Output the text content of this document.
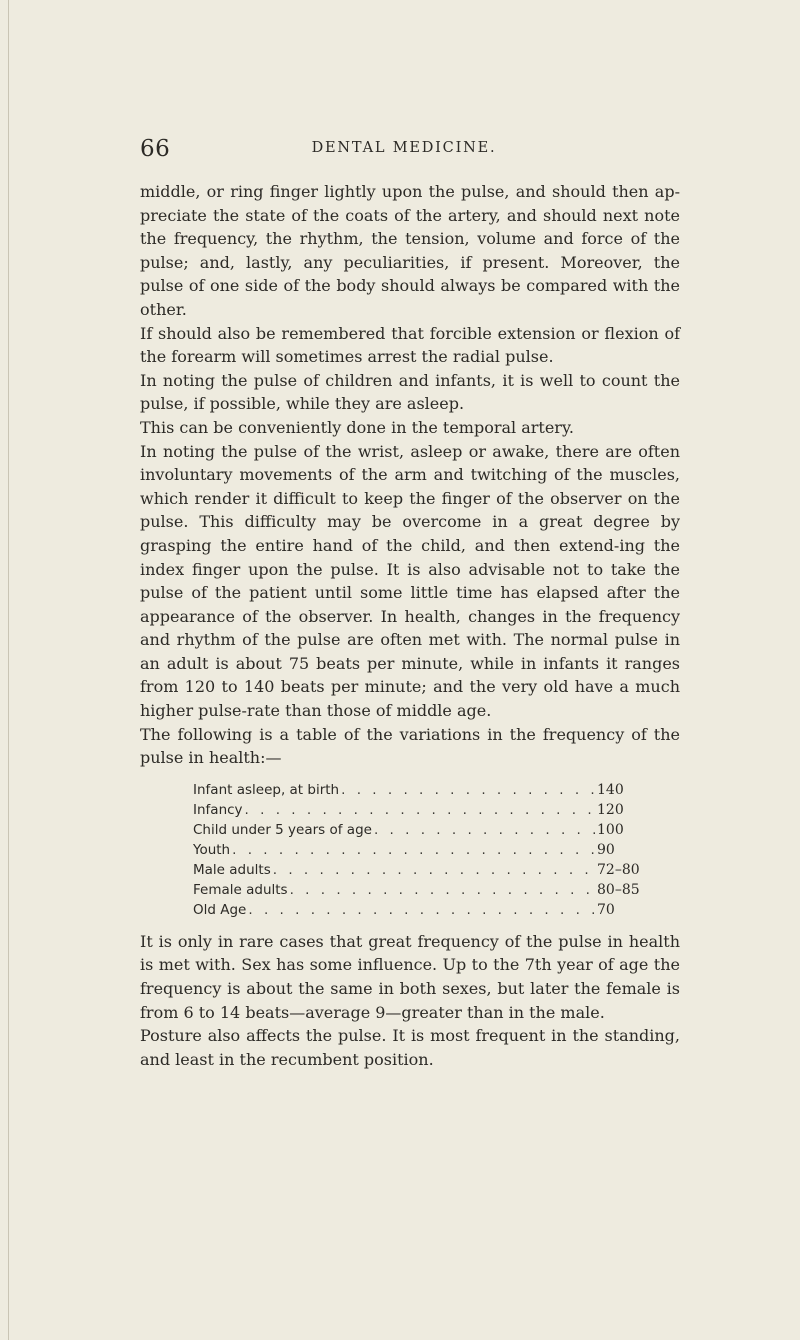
66	DENTAL MEDICINE.

middle, or ring finger lightly upon the pulse, and should then ap-preciate the state of the coats of the artery, and should next note the frequency, the rhythm, the tension, volume and force of the pulse; and, lastly, any peculiarities, if present. Moreover, the pulse of one side of the body should always be compared with the other.

If should also be remembered that forcible extension or flexion of the forearm will sometimes arrest the radial pulse.

In noting the pulse of children and infants, it is well to count the pulse, if possible, while they are asleep.

This can be conveniently done in the temporal artery.

In noting the pulse of the wrist, asleep or awake, there are often involuntary movements of the arm and twitching of the muscles, which render it difficult to keep the finger of the observer on the pulse. This difficulty may be overcome in a great degree by grasping the entire hand of the child, and then extend-ing the index finger upon the pulse. It is also advisable not to take the pulse of the patient until some little time has elapsed after the appearance of the observer. In health, changes in the frequency and rhythm of the pulse are often met with. The normal pulse in an adult is about 75 beats per minute, while in infants it ranges from 120 to 140 beats per minute; and the very old have a much higher pulse-rate than those of middle age.

The following is a table of the variations in the frequency of the pulse in health:—

Infant asleep, at birth . . .	140
Infancy . . .	120
Child under 5 years of age . . .	100
Youth . . .	90
Male adults . . .	72–80
Female adults . . .	80–85
Old Age . . .	70

It is only in rare cases that great frequency of the pulse in health is met with. Sex has some influence. Up to the 7th year of age the frequency is about the same in both sexes, but later the female is from 6 to 14 beats—average 9—greater than in the male.

Posture also affects the pulse. It is most frequent in the standing, and least in the recumbent position.
